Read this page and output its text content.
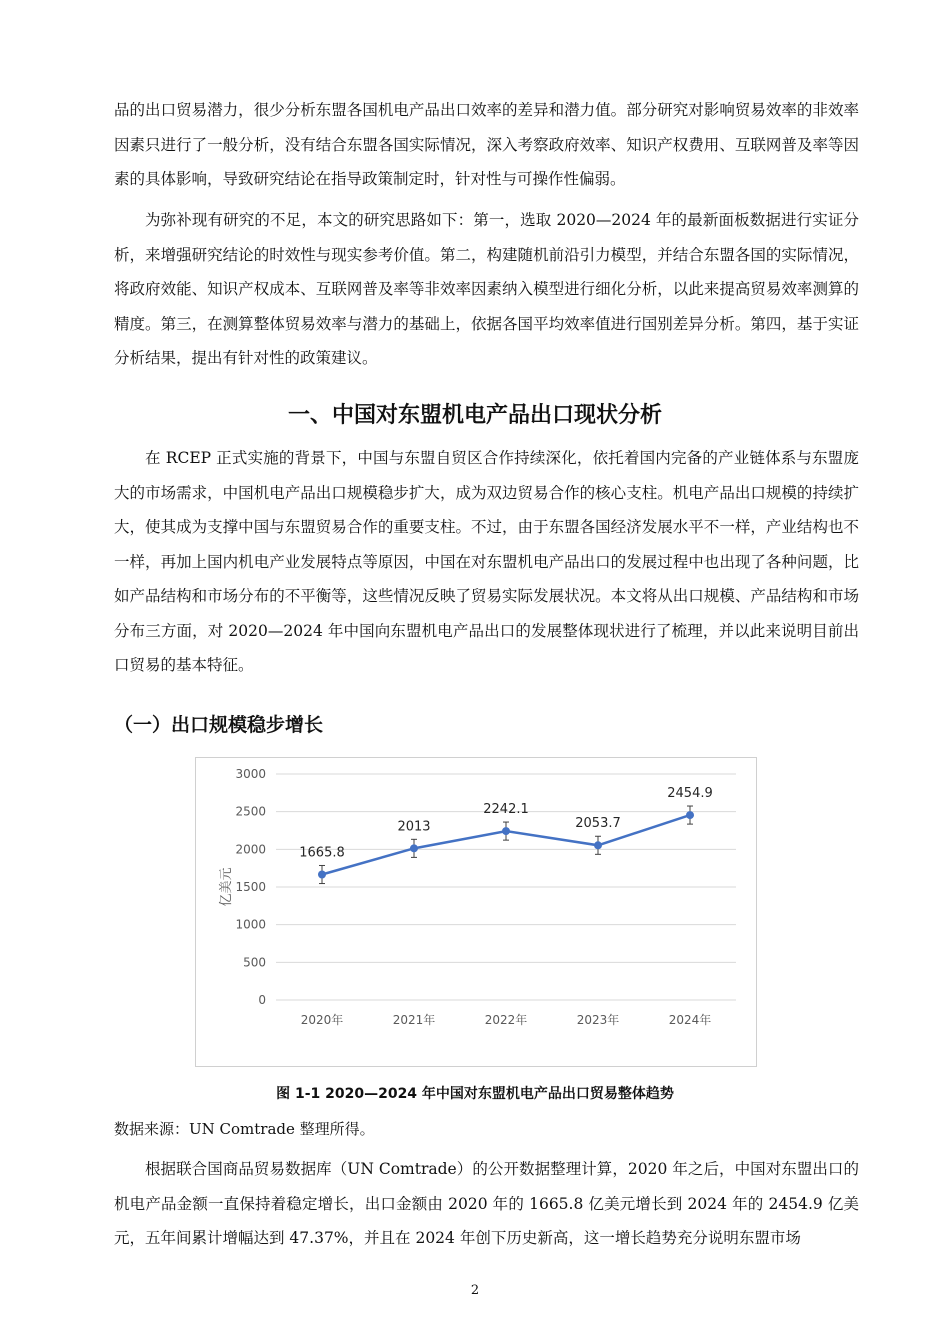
品的出口贸易潜力，很少分析东盟各国机电产品出口效率的差异和潜力值。部分研究对影响贸易效率的非效率因素只进行了一般分析，没有结合东盟各国实际情况，深入考察政府效率、知识产权费用、互联网普及率等因素的具体影响，导致研究结论在指导政策制定时，针对性与可操作性偏弱。

为弥补现有研究的不足，本文的研究思路如下：第一，选取 2020—2024 年的最新面板数据进行实证分析，来增强研究结论的时效性与现实参考价值。第二，构建随机前沿引力模型，并结合东盟各国的实际情况，将政府效能、知识产权成本、互联网普及率等非效率因素纳入模型进行细化分析，以此来提高贸易效率测算的精度。第三，在测算整体贸易效率与潜力的基础上，依据各国平均效率值进行国别差异分析。第四，基于实证分析结果，提出有针对性的政策建议。

一、中国对东盟机电产品出口现状分析

在 RCEP 正式实施的背景下，中国与东盟自贸区合作持续深化，依托着国内完备的产业链体系与东盟庞大的市场需求，中国机电产品出口规模稳步扩大，成为双边贸易合作的核心支柱。机电产品出口规模的持续扩大，使其成为支撑中国与东盟贸易合作的重要支柱。不过，由于东盟各国经济发展水平不一样，产业结构也不一样，再加上国内机电产业发展特点等原因，中国在对东盟机电产品出口的发展过程中也出现了各种问题，比如产品结构和市场分布的不平衡等，这些情况反映了贸易实际发展状况。本文将从出口规模、产品结构和市场分布三方面，对 2020—2024 年中国向东盟机电产品出口的发展整体现状进行了梳理，并以此来说明目前出口贸易的基本特征。

（一）出口规模稳步增长
0
500
1000
1500
2000
2500
3000
2020年	2021年	2022年	2023年	2024年
亿美元
1665.8
2013
2242.1
2053.7
2454.9
图 1-1 2020—2024 年中国对东盟机电产品出口贸易整体趋势
数据来源：UN Comtrade 整理所得。

根据联合国商品贸易数据库（UN Comtrade）的公开数据整理计算，2020 年之后，中国对东盟出口的机电产品金额一直保持着稳定增长，出口金额由 2020 年的 1665.8 亿美元增长到 2024 年的 2454.9 亿美元，五年间累计增幅达到 47.37%，并且在 2024 年创下历史新高，这一增长趋势充分说明东盟市场

2
